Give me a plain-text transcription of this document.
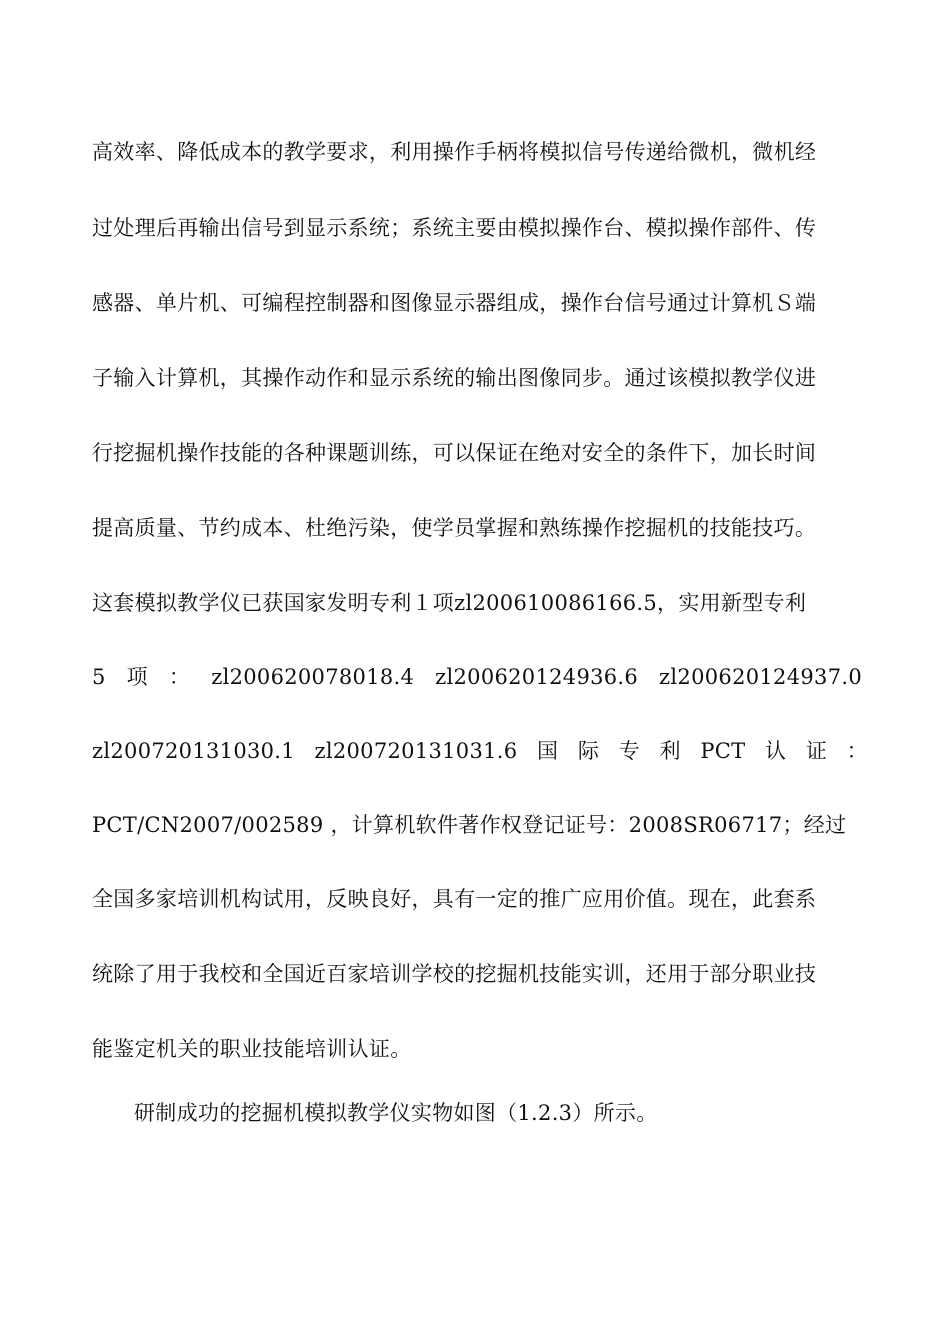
高效率、降低成本的教学要求，利用操作手柄将模拟信号传递给微机，微机经
过处理后再输出信号到显示系统；系统主要由模拟操作台、模拟操作部件、传
感器、单片机、可编程控制器和图像显示器组成，操作台信号通过计算机Ｓ端
子输入计算机，其操作动作和显示系统的输出图像同步。通过该模拟教学仪进
行挖掘机操作技能的各种课题训练，可以保证在绝对安全的条件下，加长时间
提高质量、节约成本、杜绝污染，使学员掌握和熟练操作挖掘机的技能技巧。
这套模拟教学仪已获国家发明专利１项zl200610086166.5，实用新型专利
5 项 ： zl200620078018.4 zl200620124936.6 zl200620124937.0
zl200720131030.1 zl200720131031.6 国 际 专 利 PCT 认 证 ：
PCT/CN2007/002589 ，计算机软件著作权登记证号：2008SR06717；经过
全国多家培训机构试用，反映良好，具有一定的推广应用价值。现在，此套系
统除了用于我校和全国近百家培训学校的挖掘机技能实训，还用于部分职业技
能鉴定机关的职业技能培训认证。
研制成功的挖掘机模拟教学仪实物如图（1.2.3）所示。
